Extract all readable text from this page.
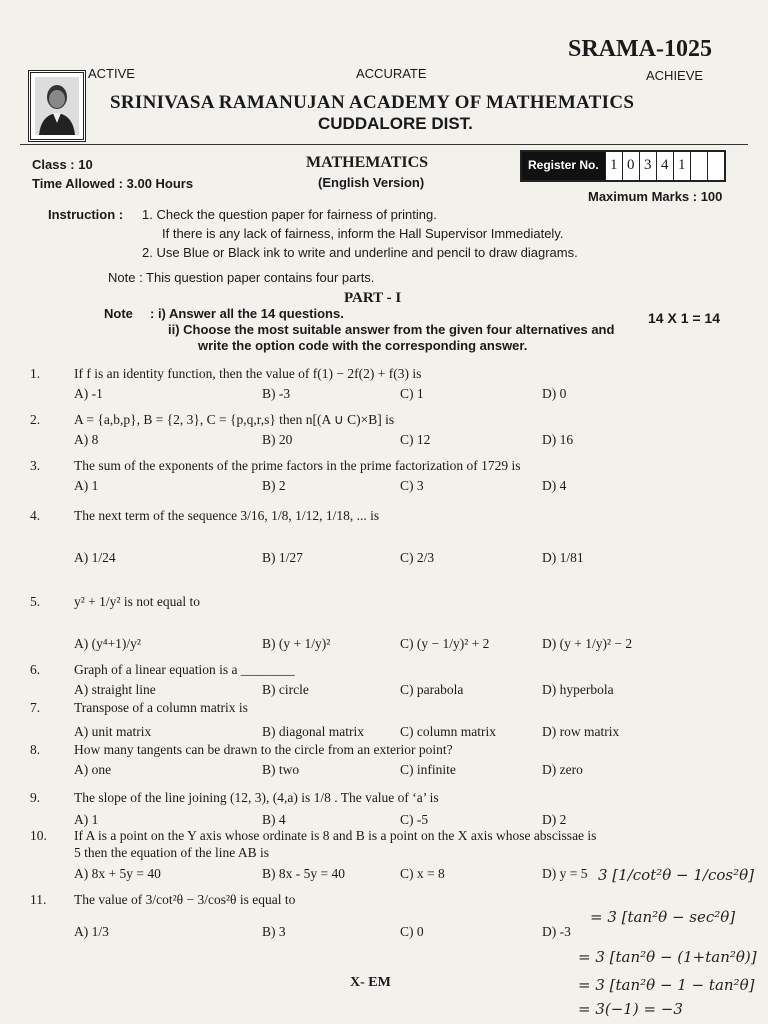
SRAMA-1025
ACTIVE	ACCURATE	ACHIEVE
SRINIVASA RAMANUJAN ACADEMY OF MATHEMATICS
CUDDALORE DIST.
Class : 10
Time Allowed : 3.00 Hours
MATHEMATICS
(English Version)
Register No. 1 0 3 4 1
Maximum Marks : 100
Instruction : 1. Check the question paper for fairness of printing.
If there is any lack of fairness, inform the Hall Supervisor Immediately.
2. Use Blue or Black ink to write and underline and pencil to draw diagrams.
Note : This question paper contains four parts.
PART - I
Note : i) Answer all the 14 questions.
ii) Choose the most suitable answer from the given four alternatives and
write the option code with the corresponding answer.
14 X 1 = 14
1.	If f is an identity function, then the value of f(1) − 2f(2) + f(3) is
A) -1	B) -3	C) 1	D) 0
2.	A = {a,b,p}, B = {2, 3}, C = {p,q,r,s} then n[(A ∪ C)×B] is
A) 8	B) 20	C) 12	D) 16
3.	The sum of the exponents of the prime factors in the prime factorization of 1729 is
A) 1	B) 2	C) 3	D) 4
4.	The next term of the sequence 3/16, 1/8, 1/12, 1/18, ... is
A) 1/24	B) 1/27	C) 2/3	D) 1/81
5.	y² + 1/y² is not equal to
A) (y⁴+1)/y²	B) (y + 1/y)²	C) (y − 1/y)² + 2	D) (y + 1/y)² − 2
6.	Graph of a linear equation is a ________
A) straight line	B) circle	C) parabola	D) hyperbola
7.	Transpose of a column matrix is
A) unit matrix	B) diagonal matrix	C) column matrix	D) row matrix
8.	How many tangents can be drawn to the circle from an exterior point?
A) one	B) two	C) infinite	D) zero
9.	The slope of the line joining (12, 3), (4,a) is 1/8 . The value of ‘a’ is
A) 1	B) 4	C) -5	D) 2
10. If A is a point on the Y axis whose ordinate is 8 and B is a point on the X axis whose abscissae is
5 then the equation of the line AB is
A) 8x + 5y = 40	B) 8x - 5y = 40	C) x = 8	D) y = 5
11. The value of 3/cot²θ − 3/cos²θ is equal to
A) 1/3	B) 3	C) 0	D) -3
3 [1/cot²θ − 1/cos²θ]
= 3 [tan²θ − sec²θ]
= 3 [tan²θ − (1+tan²θ)]
= 3 [tan²θ − 1 − tan²θ]
= 3(−1) = −3
X- EM
